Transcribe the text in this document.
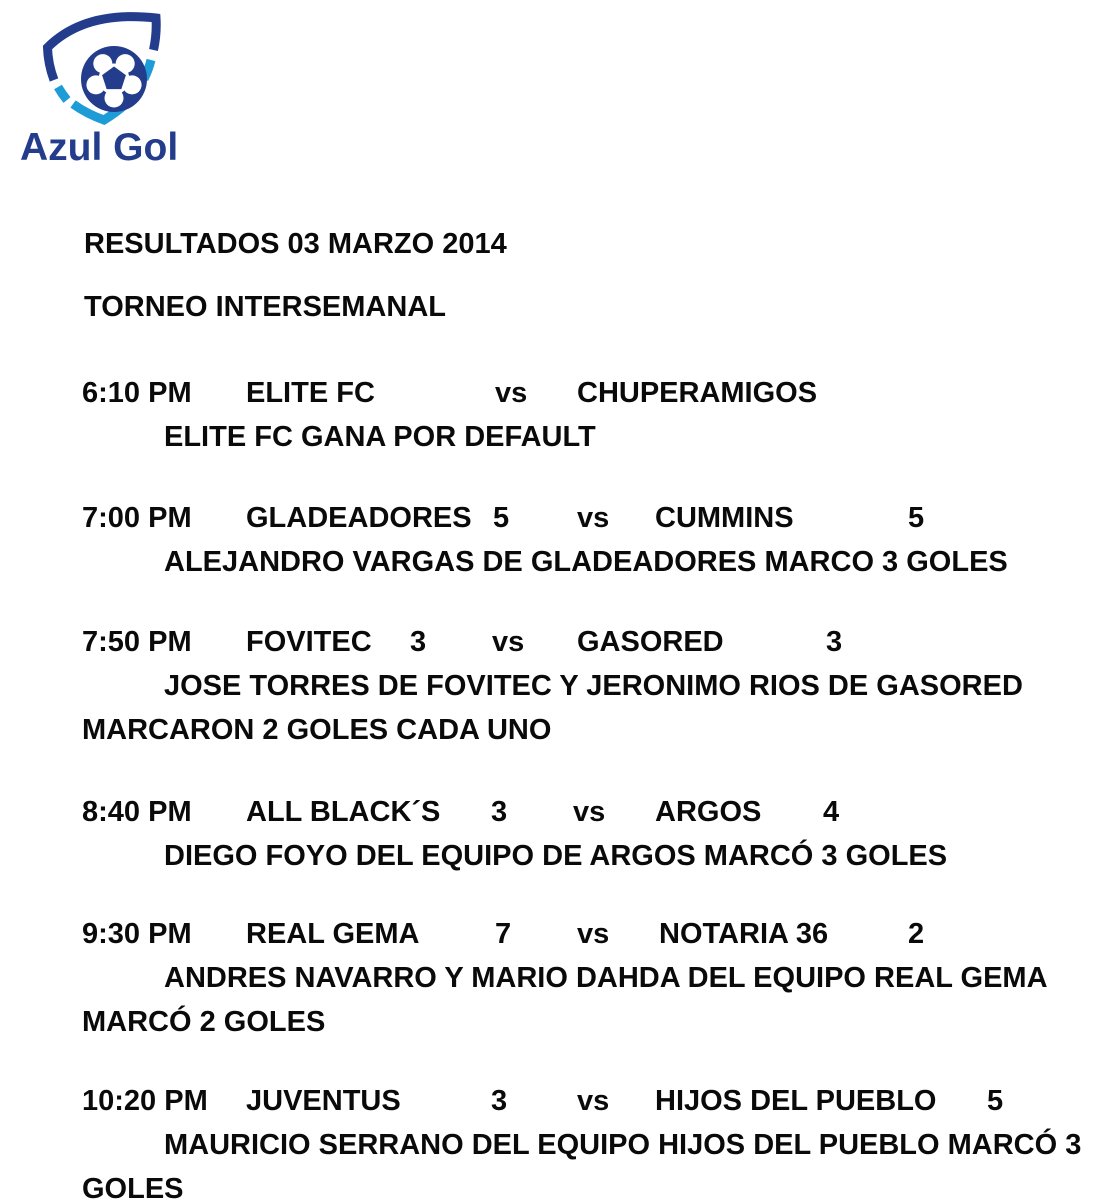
Azul Gol
RESULTADOS 03 MARZO 2014
TORNEO INTERSEMANAL
6:10 PM ELITE FC	vs CHUPERAMIGOS
ELITE FC GANA POR DEFAULT
7:00 PM GLADEADORES 5 vs CUMMINS	5
ALEJANDRO VARGAS DE GLADEADORES MARCO 3 GOLES
7:50 PM FOVITEC 3 vs GASORED	3
JOSE TORRES DE FOVITEC Y JERONIMO RIOS DE GASORED
MARCARON 2 GOLES CADA UNO
8:40 PM ALL BLACK´S 3 vs ARGOS 4
DIEGO FOYO DEL EQUIPO DE ARGOS MARCÓ 3 GOLES
9:30 PM REAL GEMA	7 vs NOTARIA 36	2
ANDRES NAVARRO Y MARIO DAHDA DEL EQUIPO REAL GEMA
MARCÓ 2 GOLES
10:20 PM JUVENTUS	3 vs HIJOS DEL PUEBLO 5
MAURICIO SERRANO DEL EQUIPO HIJOS DEL PUEBLO MARCÓ 3
GOLES
